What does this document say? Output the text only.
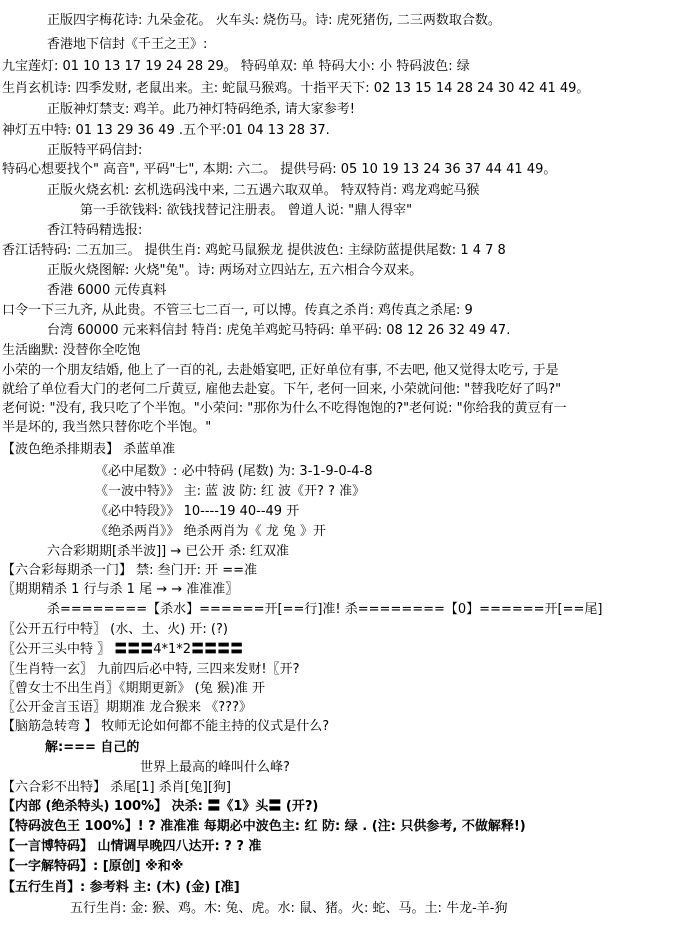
正版四字梅花诗: 九朵金花。 火车头: 烧伤马。诗: 虎死猪伤, 二三两数取合数。
香港地下信封《千王之王》:
九宝莲灯: 01 10 13 17 19 24 28 29。 特码单双: 单 特码大小: 小 特码波色: 绿
生肖玄机诗: 四季发财, 老鼠出来。主: 蛇鼠马猴鸡。十指平天下: 02 13 15 14 28 24 30 42 41 49。
正版神灯禁支: 鸡羊。此乃神灯特码绝杀, 请大家参考!
神灯五中特: 01 13 29 36 49 .五个平:01 04 13 28 37.
正版特平码信封:
特码心想要找个" 高音", 平码"七", 本期: 六二。 提供号码: 05 10 19 13 24 36 37 44 41 49。
正版火烧玄机: 玄机选码浅中来, 二五遇六取双单。 特双特肖: 鸡龙鸡蛇马猴
第一手欲钱料: 欲钱找替记注册表。 曾道人说: "鼎人得宰"
香江特码精选报:
香江话特码: 二五加三。 提供生肖: 鸡蛇马鼠猴龙 提供波色: 主绿防蓝提供尾数: 1 4 7 8
正版火烧图解: 火烧"兔"。诗: 两场对立四站左, 五六相合今双来。
香港 6000 元传真料
口令一下三九齐, 从此贵。不管三七二百一, 可以博。传真之杀肖: 鸡传真之杀尾: 9
台湾 60000 元来料信封 特肖: 虎兔羊鸡蛇马特码: 单平码: 08 12 26 32 49 47.
生活幽默: 没替你全吃饱
小荣的一个朋友结婚, 他上了一百的礼, 去赴婚宴吧, 正好单位有事, 不去吧, 他又觉得太吃亏, 于是
就给了单位看大门的老何二斤黄豆, 雇他去赴宴。下午, 老何一回来, 小荣就问他: "替我吃好了吗?"
老何说: "没有, 我只吃了个半饱。"小荣问: "那你为什么不吃得饱饱的?"老何说: "你给我的黄豆有一
半是坏的, 我当然只替你吃个半饱。"
【波色绝杀排期表】 杀蓝单准
《必中尾数》: 必中特码 (尾数) 为: 3-1-9-0-4-8
《一波中特》》 主: 蓝 波 防: 红 波《开? ? 准》
《必中特段》》 10----19 40--49 开
《绝杀两肖》》 绝杀两肖为《 龙 兔 》开
六合彩期期[杀半波]] → 已公开 杀: 红双准
【六合彩每期杀一门】 禁: 叁门开: 开 ==准
〖期期精杀 1 行与杀 1 尾 → → 准准准〗
杀========【杀水】======开[==行]准! 杀========【0】======开[==尾]
〖公开五行中特〗 (水、土、火) 开: (?)
〖公开三头中特 〗 〓〓〓4*1*2〓〓〓〓
〖生肖特一玄〗 九前四后必中特, 三四来发财!〖开?
〖曾女士不出生肖〗《期期更新》 (兔 猴)准 开
〖公开金言玉语〗期期准 龙合猴来 《???》
【脑筋急转弯 】 牧师无论如何都不能主持的仪式是什么?
解:=== 自己的
世界上最高的峰叫什么峰?
【六合彩不出特】 杀尾[1] 杀肖[兔][狗]
【内部 (绝杀特头) 100%】 决杀: 〓《1》头〓 (开?)
【特码波色王 100%】! ? 准准准 每期必中波色主: 红 防: 绿 . (注: 只供参考, 不做解释!)
【一言博特码】 山情调早晚四八达开: ? ? 准
【一字解特码】: [原创] ※和※
【五行生肖】: 参考料 主: (木) (金) [准]
五行生肖: 金: 猴、鸡。木: 兔、虎。水: 鼠、猪。火: 蛇、马。土: 牛龙-羊-狗
